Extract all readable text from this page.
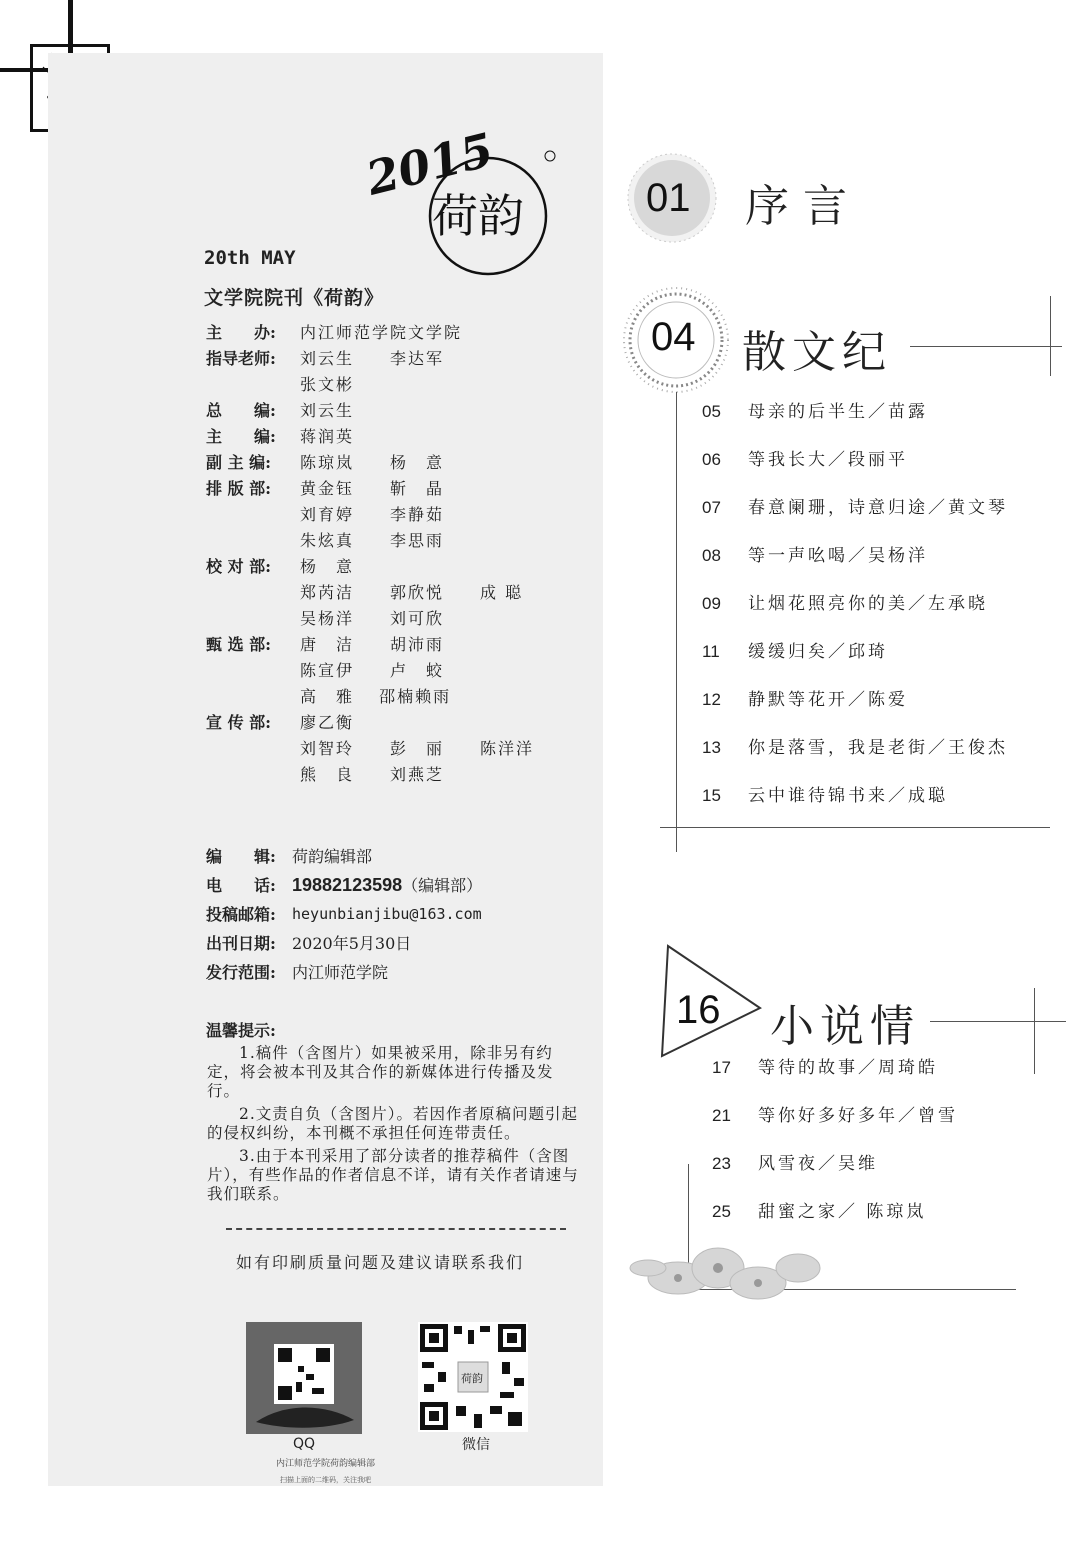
2015
荷韵
20th MAY
文学院院刊《荷韵》
主　　办:	内江师范学院文学院
指导老师:	刘云生　　李达军
张文彬
总　　编:	刘云生
主　　编:	蒋润英
副 主 编:	陈琼岚　　杨　意
排 版 部:	黄金钰　　靳　晶
刘育婷　　李静茹
朱炫真　　李思雨
校 对 部:	杨　意
郑芮洁　　郭欣悦　　成 聪
吴杨洋　　刘可欣
甄 选 部:	唐　洁　　胡沛雨
陈宣伊　　卢　蛟
高　雅　 邵楠赖雨
宣 传 部:	廖乙衡
刘智玲　　彭　丽　　陈洋洋
熊　良　　刘燕芝
编　　辑:	荷韵编辑部
电　　话: 19882123598 （编辑部）
投稿邮箱:	heyunbianjibu@163.com
出刊日期:	2020年5月30日
发行范围:	内江师范学院
温馨提示:

1.稿件（含图片）如果被采用，除非另有约定，将会被本刊及其合作的新媒体进行传播及发行。

2.文责自负（含图片）。若因作者原稿问题引起的侵权纠纷，本刊概不承担任何连带责任。

3.由于本刊采用了部分读者的推荐稿件（含图片），有些作品的作者信息不详，请有关作者请速与我们联系。

如有印刷质量问题及建议请联系我们
QQ
荷韵
微信
内江师范学院荷韵编辑部
扫描上面的二维码，关注我吧
01 序言
04 散文纪
05	母亲的后半生／苗露
06	等我长大／段丽平
07	春意阑珊，诗意归途／黄文琴
08	等一声吆喝／吴杨洋
09	让烟花照亮你的美／左承晓
11	缓缓归矣／邱琦
12	静默等花开／陈爱
13	你是落雪，我是老街／王俊杰
15	云中谁待锦书来／成聪
16 小说情
17	等待的故事／周琦皓
21	等你好多好多年／曾雪
23	风雪夜／吴维
25	甜蜜之家／ 陈琼岚
